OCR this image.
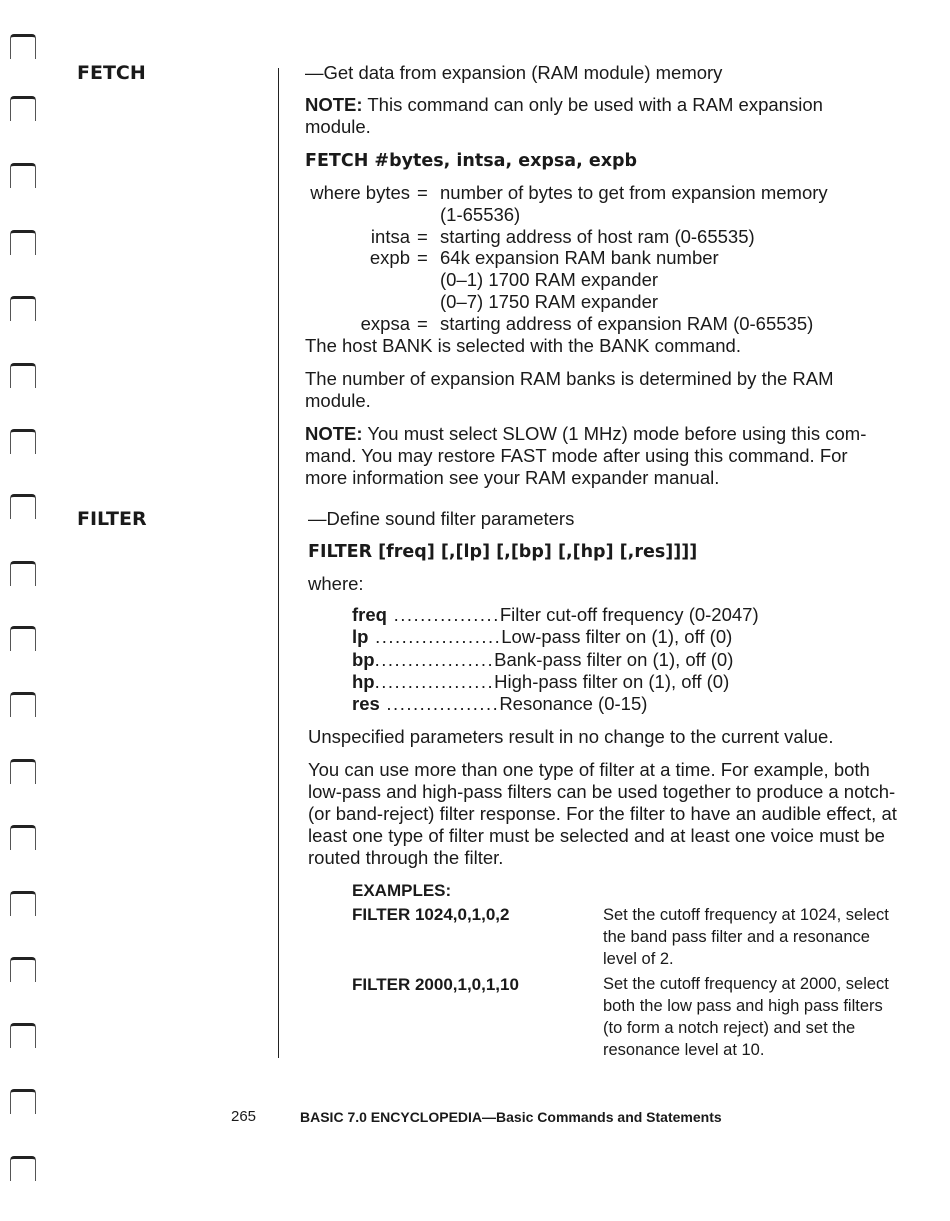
FETCH	—Get data from expansion (RAM module) memory

NOTE: This command can only be used with a RAM expansion module.

FETCH #bytes, intsa, expsa, expb
where bytes = number of bytes to get from expansion memory
(1-65536)
intsa = starting address of host ram (0-65535)
expb = 64k expansion RAM bank number
(0–1) 1700 RAM expander
(0–7) 1750 RAM expander
expsa = starting address of expansion RAM (0-65535)

The host BANK is selected with the BANK command.

The number of expansion RAM banks is determined by the RAM module.

NOTE: You must select SLOW (1 MHz) mode before using this com-mand. You may restore FAST mode after using this command. For more information see your RAM expander manual.

FILTER	—Define sound filter parameters

FILTER [freq] [,[lp] [,[bp] [,[hp] [,res]]]]

where:

freq ................Filter cut-off frequency (0-2047)
lp ...................Low-pass filter on (1), off (0)
bp..................Bank-pass filter on (1), off (0)
hp..................High-pass filter on (1), off (0)
res .................Resonance (0-15)

Unspecified parameters result in no change to the current value.

You can use more than one type of filter at a time. For example, both low-pass and high-pass filters can be used together to produce a notch-(or band-reject) filter response. For the filter to have an audible effect, at least one type of filter must be selected and at least one voice must be routed through the filter.

EXAMPLES:
FILTER 1024,0,1,0,2	Set the cutoff frequency at 1024, select the band pass filter and a resonance level of 2.
FILTER 2000,1,0,1,10	Set the cutoff frequency at 2000, select both the low pass and high pass filters (to form a notch reject) and set the resonance level at 10.
265	BASIC 7.0 ENCYCLOPEDIA—Basic Commands and Statements
